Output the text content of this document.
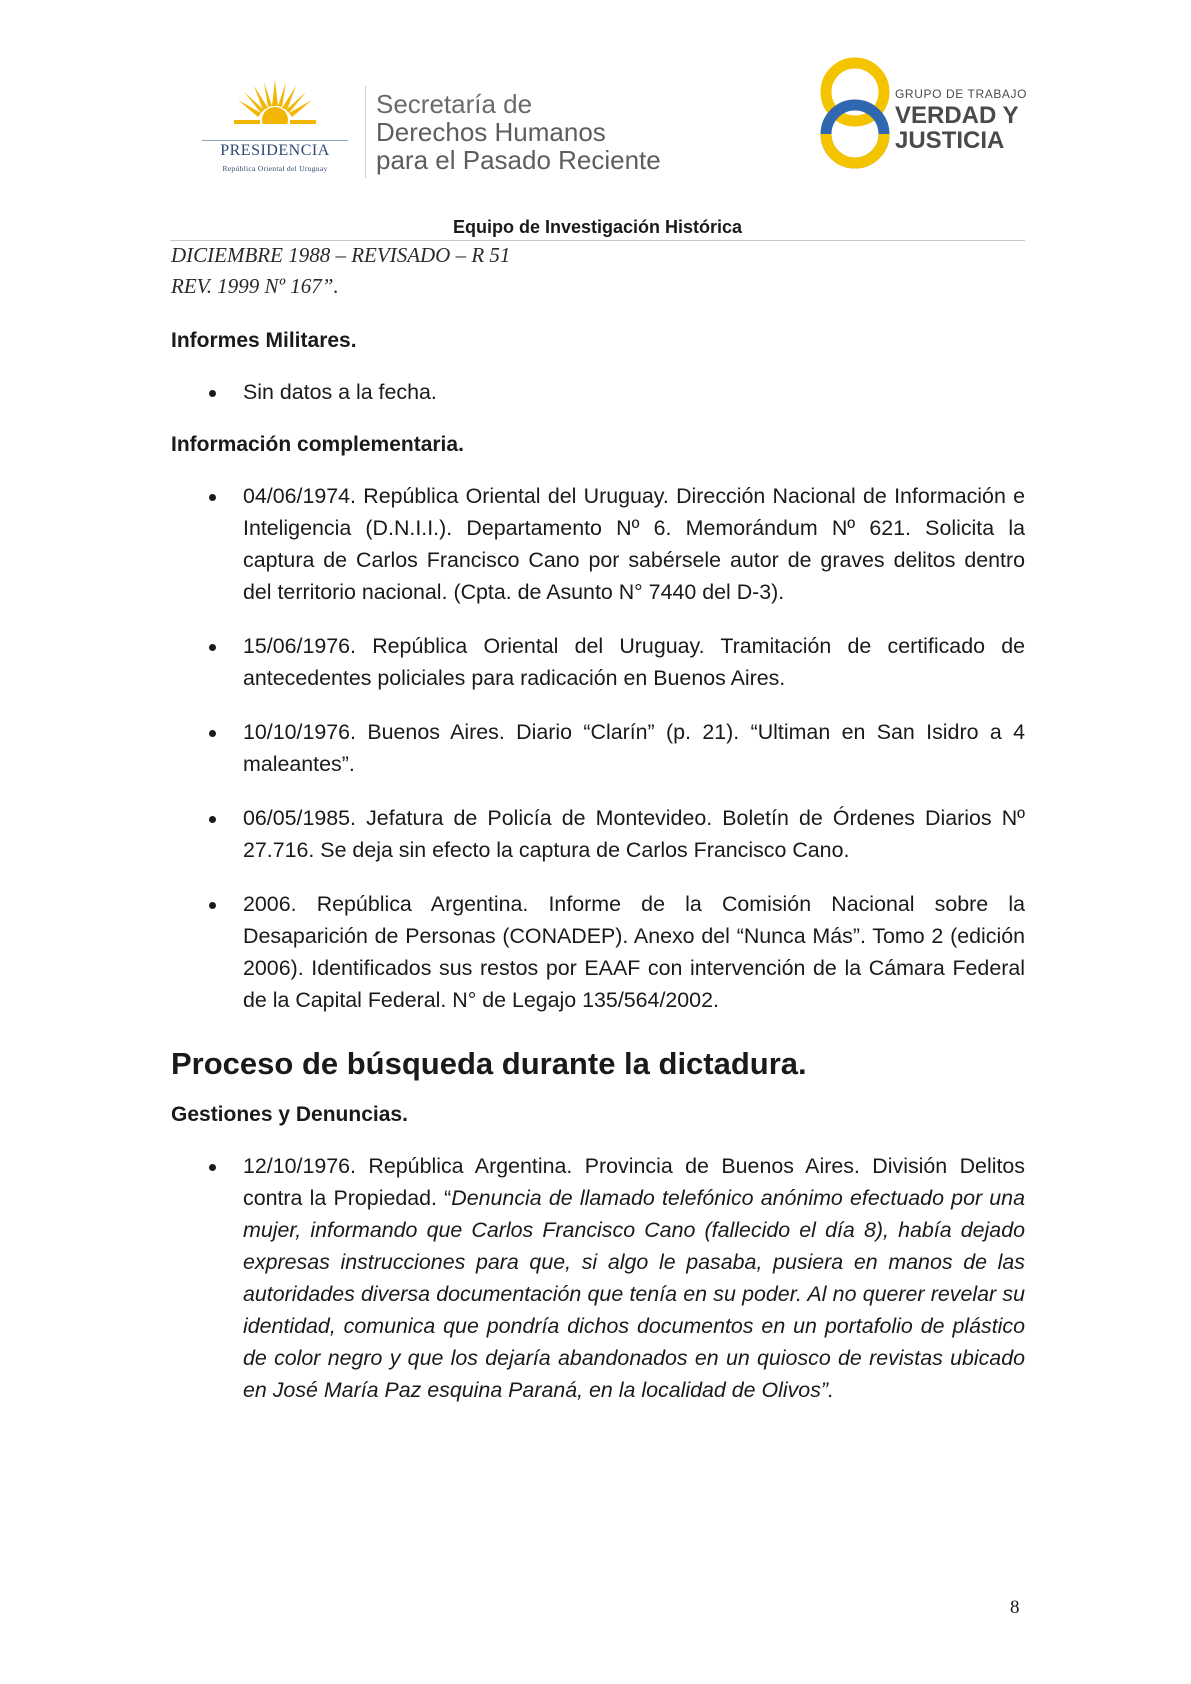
PRESIDENCIA
República Oriental del Uruguay
Secretaría de
Derechos Humanos
para el Pasado Reciente
GRUPO DE TRABAJO
VERDAD Y
JUSTICIA
Equipo de Investigación Histórica

DICIEMBRE 1988 – REVISADO – R 51

REV. 1999 Nº 167”.

Informes Militares.
Sin datos a la fecha.
Información complementaria.
04/06/1974. República Oriental del Uruguay. Dirección Nacional de Información e Inteligencia (D.N.I.I.). Departamento Nº 6. Memorándum Nº 621. Solicita la captura de Carlos Francisco Cano por sabérsele autor de graves delitos dentro del territorio nacional. (Cpta. de Asunto N° 7440 del D-3).
15/06/1976. República Oriental del Uruguay. Tramitación de certificado de antecedentes policiales para radicación en Buenos Aires.
10/10/1976. Buenos Aires. Diario “Clarín” (p. 21). “Ultiman en San Isidro a 4 maleantes”.
06/05/1985. Jefatura de Policía de Montevideo. Boletín de Órdenes Diarios Nº 27.716. Se deja sin efecto la captura de Carlos Francisco Cano.
2006. República Argentina. Informe de la Comisión Nacional sobre la Desaparición de Personas (CONADEP). Anexo del “Nunca Más”. Tomo 2 (edición 2006). Identificados sus restos por EAAF con intervención de la Cámara Federal de la Capital Federal. N° de Legajo 135/564/2002.
Proceso de búsqueda durante la dictadura.
Gestiones y Denuncias.
12/10/1976. República Argentina. Provincia de Buenos Aires. División Delitos contra la Propiedad. “Denuncia de llamado telefónico anónimo efectuado por una mujer, informando que Carlos Francisco Cano (fallecido el día 8), había dejado expresas instrucciones para que, si algo le pasaba, pusiera en manos de las autoridades diversa documentación que tenía en su poder. Al no querer revelar su identidad, comunica que pondría dichos documentos en un portafolio de plástico de color negro y que los dejaría abandonados en un quiosco de revistas ubicado en José María Paz esquina Paraná, en la localidad de Olivos”.
8
